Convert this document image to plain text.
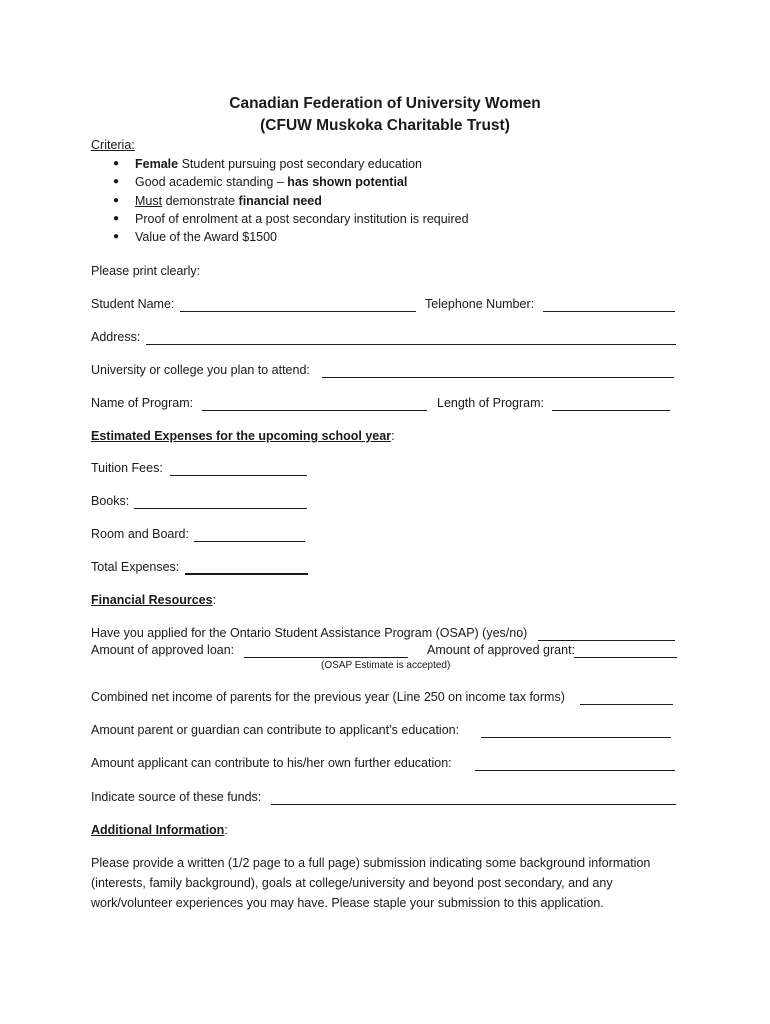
Canadian Federation of University Women
(CFUW Muskoka Charitable Trust)
Criteria:
● Female Student pursuing post secondary education
● Good academic standing – has shown potential
● Must demonstrate financial need
● Proof of enrolment at a post secondary institution is required
● Value of the Award $1500
Please print clearly:
Student Name:	Telephone Number:
Address:
University or college you plan to attend:
Name of Program:	Length of Program:
Estimated Expenses for the upcoming school year:
Tuition Fees:
Books:
Room and Board:
Total Expenses:
Financial Resources:
Have you applied for the Ontario Student Assistance Program (OSAP) (yes/no)
Amount of approved loan:	Amount of approved grant:
(OSAP Estimate is accepted)
Combined net income of parents for the previous year (Line 250 on income tax forms)
Amount parent or guardian can contribute to applicant’s education:
Amount applicant can contribute to his/her own further education:
Indicate source of these funds:
Additional Information:
Please provide a written (1/2 page to a full page) submission indicating some background information (interests, family background), goals at college/university and beyond post secondary, and any work/volunteer experiences you may have. Please staple your submission to this application.
